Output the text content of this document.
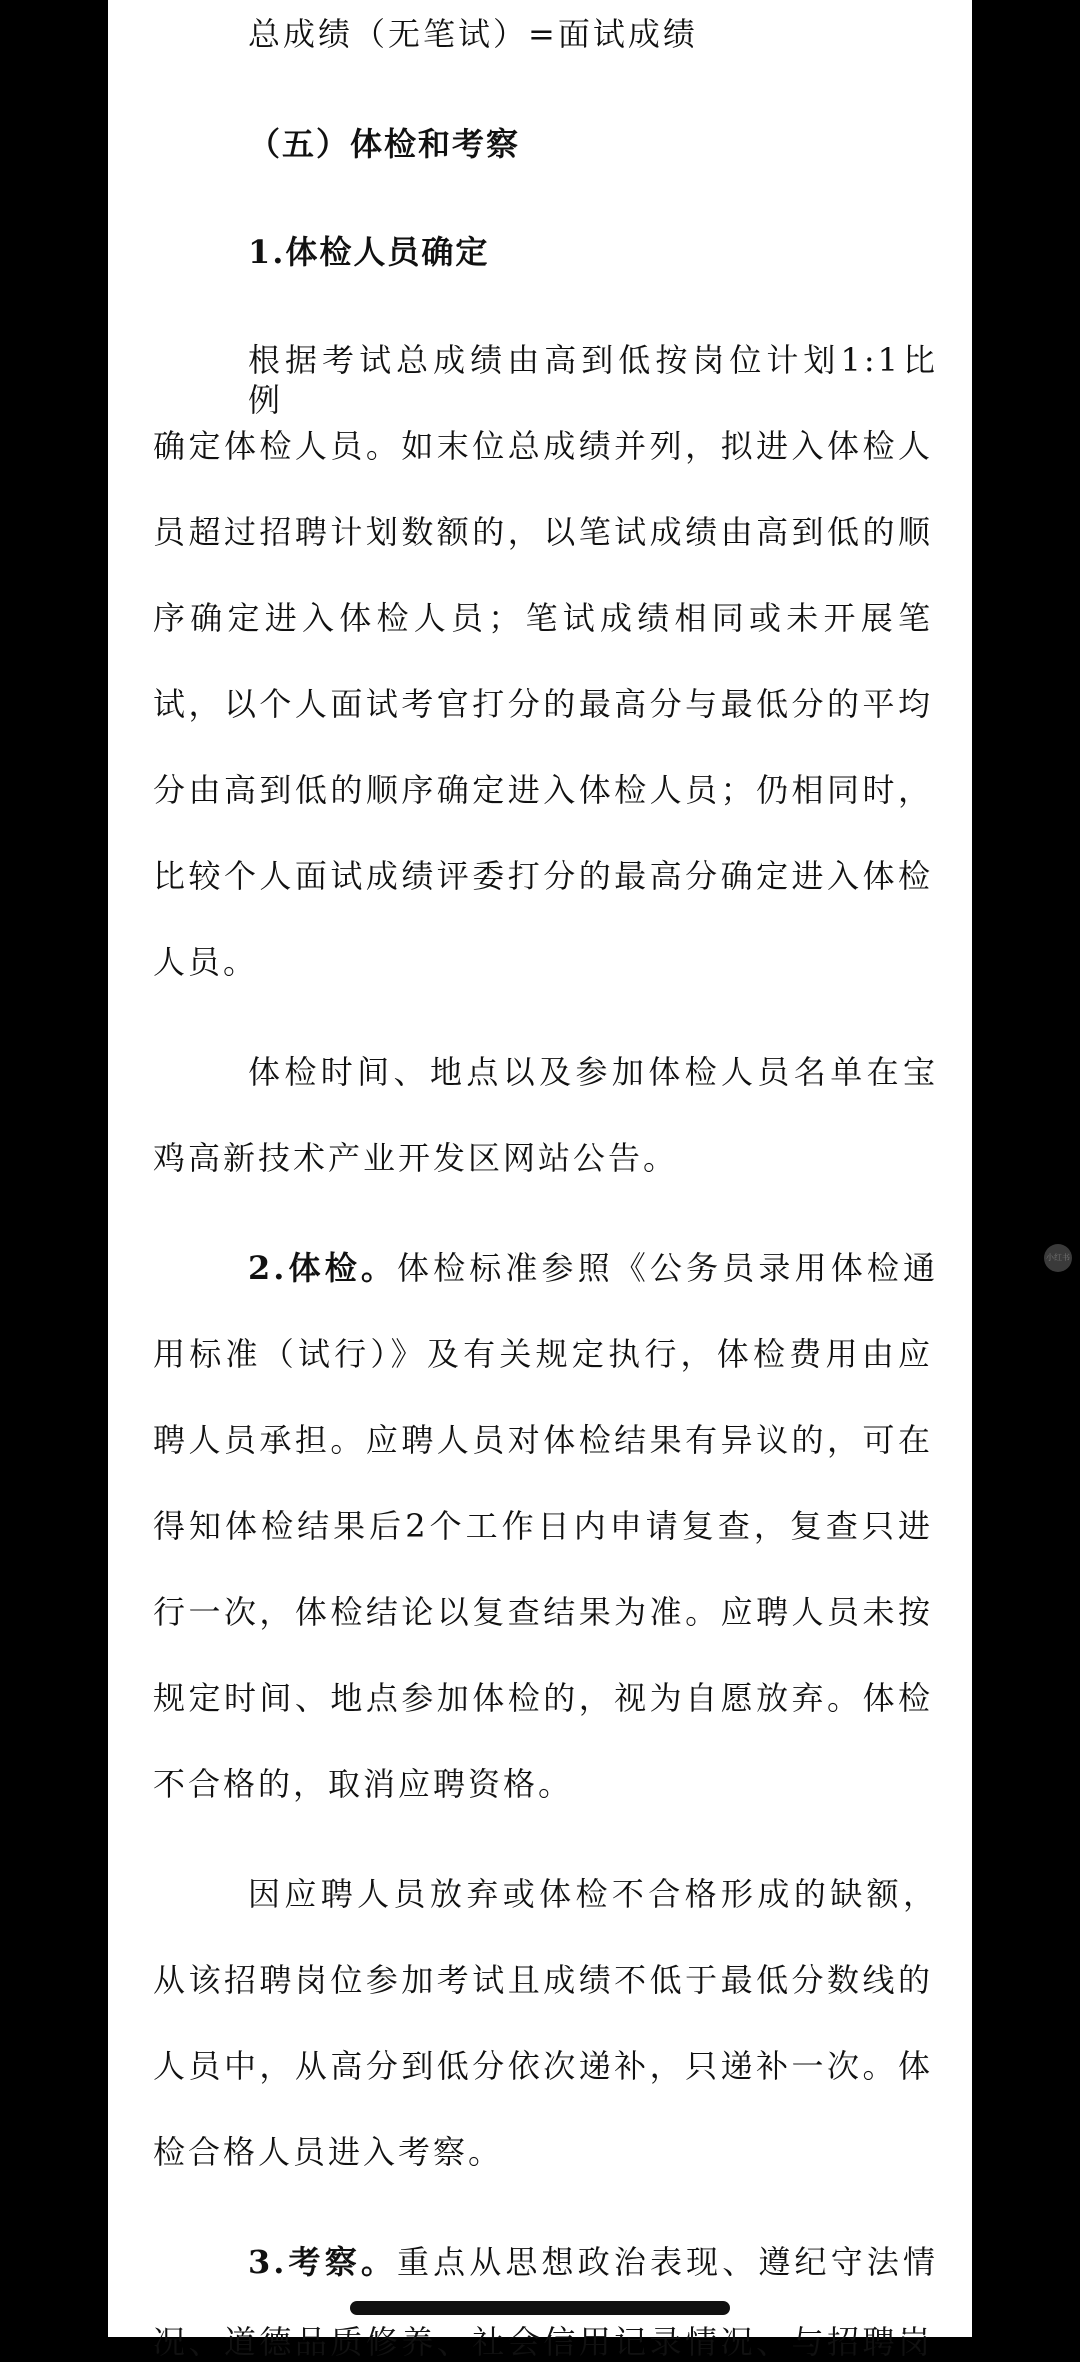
总成绩（无笔试）=面试成绩
（五）体检和考察
1.体检人员确定
根据考试总成绩由高到低按岗位计划1:1比例
确定体检人员。如末位总成绩并列，拟进入体检人
员超过招聘计划数额的，以笔试成绩由高到低的顺
序确定进入体检人员；笔试成绩相同或未开展笔
试，以个人面试考官打分的最高分与最低分的平均
分由高到低的顺序确定进入体检人员；仍相同时，
比较个人面试成绩评委打分的最高分确定进入体检
人员。
体检时间、地点以及参加体检人员名单在宝
鸡高新技术产业开发区网站公告。
2.体检。体检标准参照《公务员录用体检通
用标准（试行）》及有关规定执行，体检费用由应
聘人员承担。应聘人员对体检结果有异议的，可在
得知体检结果后2个工作日内申请复查，复查只进
行一次，体检结论以复查结果为准。应聘人员未按
规定时间、地点参加体检的，视为自愿放弃。体检
不合格的，取消应聘资格。
因应聘人员放弃或体检不合格形成的缺额，
从该招聘岗位参加考试且成绩不低于最低分数线的
人员中，从高分到低分依次递补，只递补一次。体
检合格人员进入考察。
3.考察。重点从思想政治表现、遵纪守法情
况、道德品质修养、社会信用记录情况、与招聘岗
小红书
